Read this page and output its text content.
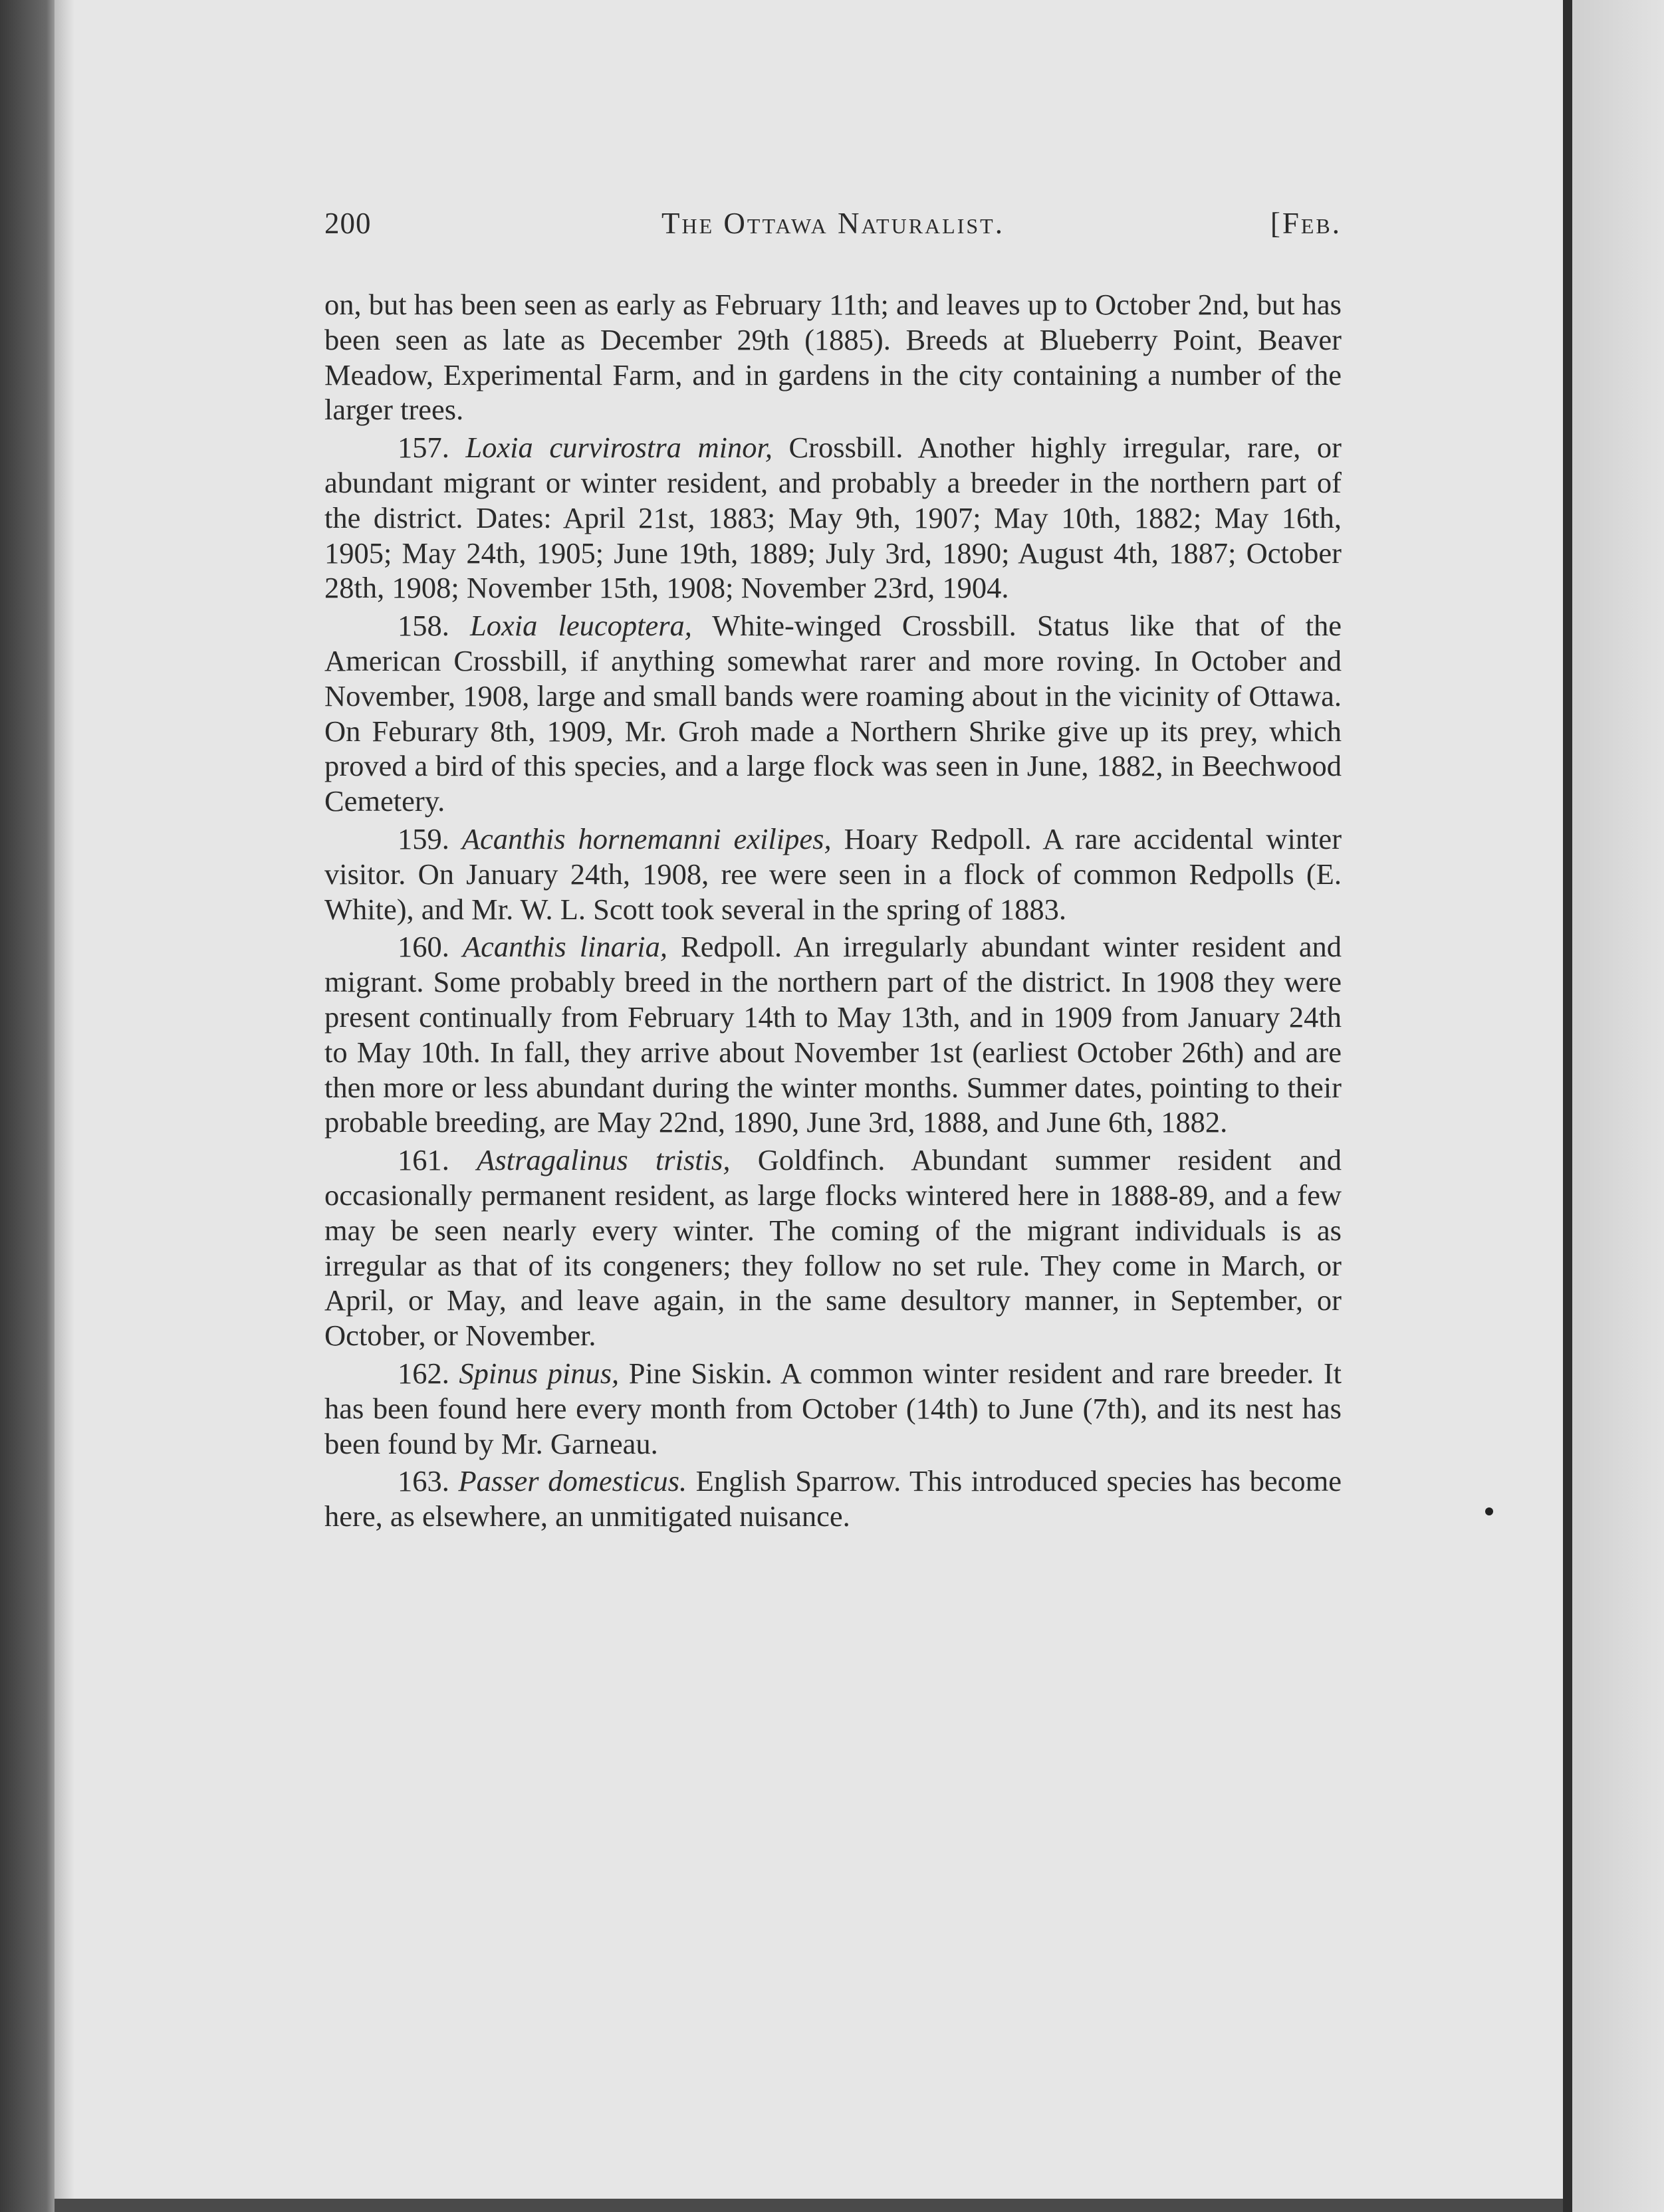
200	The Ottawa Naturalist.	[Feb.

on, but has been seen as early as February 11th; and leaves up to October 2nd, but has been seen as late as December 29th (1885). Breeds at Blueberry Point, Beaver Meadow, Experimental Farm, and in gardens in the city containing a number of the larger trees.

157. Loxia curvirostra minor, Crossbill. Another highly irregular, rare, or abundant migrant or winter resident, and probably a breeder in the northern part of the district. Dates: April 21st, 1883; May 9th, 1907; May 10th, 1882; May 16th, 1905; May 24th, 1905; June 19th, 1889; July 3rd, 1890; August 4th, 1887; October 28th, 1908; November 15th, 1908; November 23rd, 1904.

158. Loxia leucoptera, White-winged Crossbill. Status like that of the American Crossbill, if anything somewhat rarer and more roving. In October and November, 1908, large and small bands were roaming about in the vicinity of Ottawa. On Feburary 8th, 1909, Mr. Groh made a Northern Shrike give up its prey, which proved a bird of this species, and a large flock was seen in June, 1882, in Beechwood Cemetery.

159. Acanthis hornemanni exilipes, Hoary Redpoll. A rare accidental winter visitor. On January 24th, 1908, ree were seen in a flock of common Redpolls (E. White), and Mr. W. L. Scott took several in the spring of 1883.

160. Acanthis linaria, Redpoll. An irregularly abundant winter resident and migrant. Some probably breed in the northern part of the district. In 1908 they were present continually from February 14th to May 13th, and in 1909 from January 24th to May 10th. In fall, they arrive about November 1st (earliest October 26th) and are then more or less abundant during the winter months. Summer dates, pointing to their probable breeding, are May 22nd, 1890, June 3rd, 1888, and June 6th, 1882.

161. Astragalinus tristis, Goldfinch. Abundant summer resident and occasionally permanent resident, as large flocks wintered here in 1888-89, and a few may be seen nearly every winter. The coming of the migrant individuals is as irregular as that of its congeners; they follow no set rule. They come in March, or April, or May, and leave again, in the same desultory manner, in September, or October, or November.

162. Spinus pinus, Pine Siskin. A common winter resident and rare breeder. It has been found here every month from October (14th) to June (7th), and its nest has been found by Mr. Garneau.

163. Passer domesticus. English Sparrow. This introduced species has become here, as elsewhere, an unmitigated nuisance.
